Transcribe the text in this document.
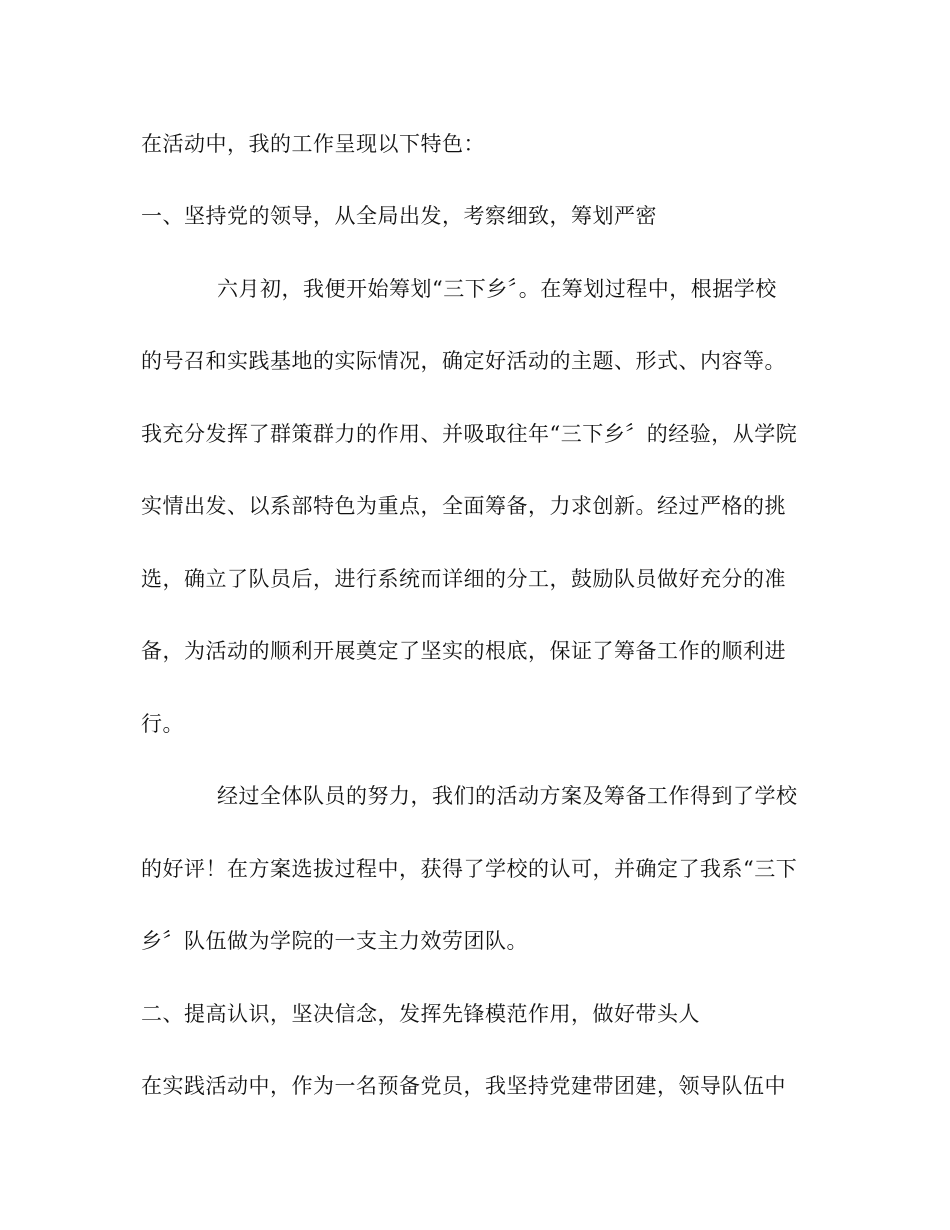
在活动中，我的工作呈现以下特色：
一、坚持党的领导，从全局出发，考察细致，筹划严密
六月初，我便开始筹划“三下乡〞。在筹划过程中，根据学校
的号召和实践基地的实际情况，确定好活动的主题、形式、内容等。
我充分发挥了群策群力的作用、并吸取往年“三下乡〞的经验，从学院
实情出发、以系部特色为重点，全面筹备，力求创新。经过严格的挑
选，确立了队员后，进行系统而详细的分工，鼓励队员做好充分的准
备，为活动的顺利开展奠定了坚实的根底，保证了筹备工作的顺利进
行。
经过全体队员的努力，我们的活动方案及筹备工作得到了学校
的好评！在方案选拔过程中，获得了学校的认可，并确定了我系“三下
乡〞队伍做为学院的一支主力效劳团队。
二、提高认识，坚决信念，发挥先锋模范作用，做好带头人
在实践活动中，作为一名预备党员，我坚持党建带团建，领导队伍中
